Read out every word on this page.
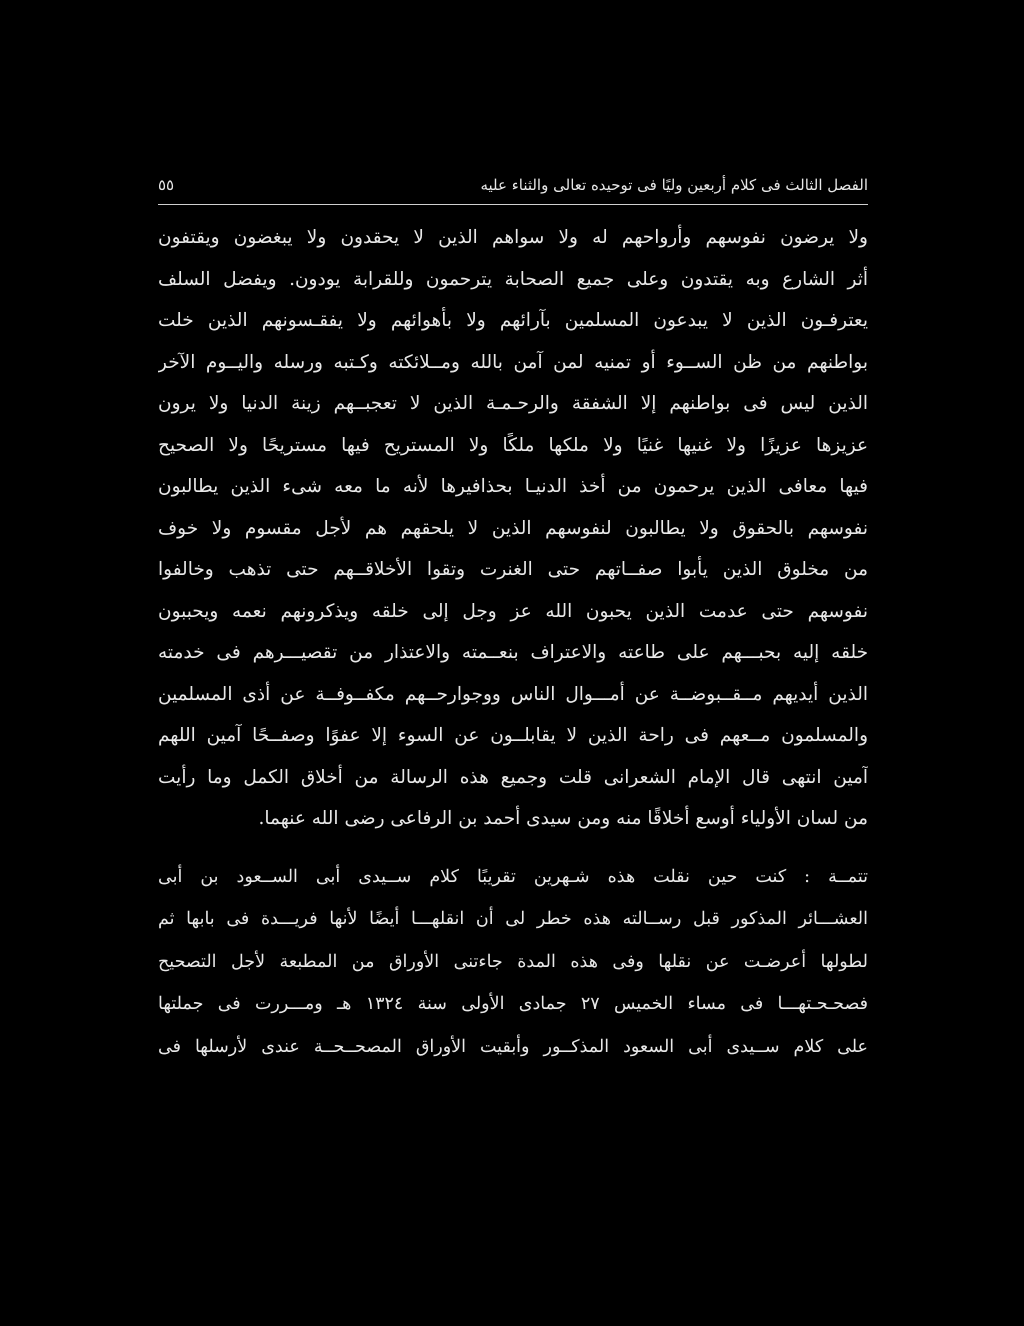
الفصل الثالث فى كلام أربعين وليًا فى توحيده تعالى والثناء عليه
٥٥
ولا يرضون نفوسهم وأرواحهم له ولا سواهم الذين لا يحقدون ولا يبغضون ويقتفون
أثر الشارع وبه يقتدون وعلى جميع الصحابة يترحمون وللقرابة يودون. ويفضل السلف
يعترفـون الذين لا يبدعون المسلمين بآرائهم ولا بأهوائهم ولا يفقـسونهم الذين خلت
بواطنهم من ظن الســوء أو تمنيه لمن آمن بالله ومــلائكته وكـتبه ورسله واليــوم الآخر
الذين ليس فى بواطنهم إلا الشفقة والرحـمـة الذين لا تعجبــهم زينة الدنيا ولا يرون
عزيزها عزيزًا ولا غنيها غنيًا ولا ملكها ملكًا ولا المستريح فيها مستريحًا ولا الصحيح
فيها معافى الذين يرحمون من أخذ الدنيـا بحذافيرها لأنه ما معه شىء الذين يطالبون
نفوسهم بالحقوق ولا يطالبون لنفوسهم الذين لا يلحقهم هم لأجل مقسوم ولا خوف
من مخلوق الذين يأبوا صفــاتهم حتى الغنرت وتقوا الأخلاقــهم حتى تذهب وخالفوا
نفوسهم حتى عدمت الذين يحبون الله عز وجل إلى خلقه ويذكرونهم نعمه ويحببون
خلقه إليه بحبـــهم على طاعته والاعتراف بنعــمته والاعتذار من تقصيـــرهم فى خدمته
الذين أيديهم مــقــبوضــة عن أمـــوال الناس ووجوارحــهم مكفــوفــة عن أذى المسلمين
والمسلمون مــعهم فى راحة الذين لا يقابلــون عن السوء إلا عفوًا وصفــحًا آمين اللهم
آمين انتهى قال الإمام الشعرانى قلت وجميع هذه الرسالة من أخلاق الكمل وما رأيت
من لسان الأولياء أوسع أخلاقًا منه ومن سيدى أحمد بن الرفاعى رضى الله عنهما.
تتمــة : كنت حين نقلت هذه شـهرين تقريبًا كلام ســيدى أبى الســعود بن أبى
العشـــائر المذكور قبل رســالته هذه خطر لى أن انقلهـــا أيضًا لأنها فريـــدة فى بابها ثم
لطولها أعرضـت عن نقلها وفى هذه المدة جاءتنى الأوراق من المطبعة لأجل التصحيح
فصحـحـتهـــا فى مساء الخميس ٢٧ جمادى الأولى سنة ١٣٢٤ هـ ومـــررت فى جملتها
على كلام ســيدى أبى السعود المذكــور وأبقيت الأوراق المصحــحــة عندى لأرسلها فى
